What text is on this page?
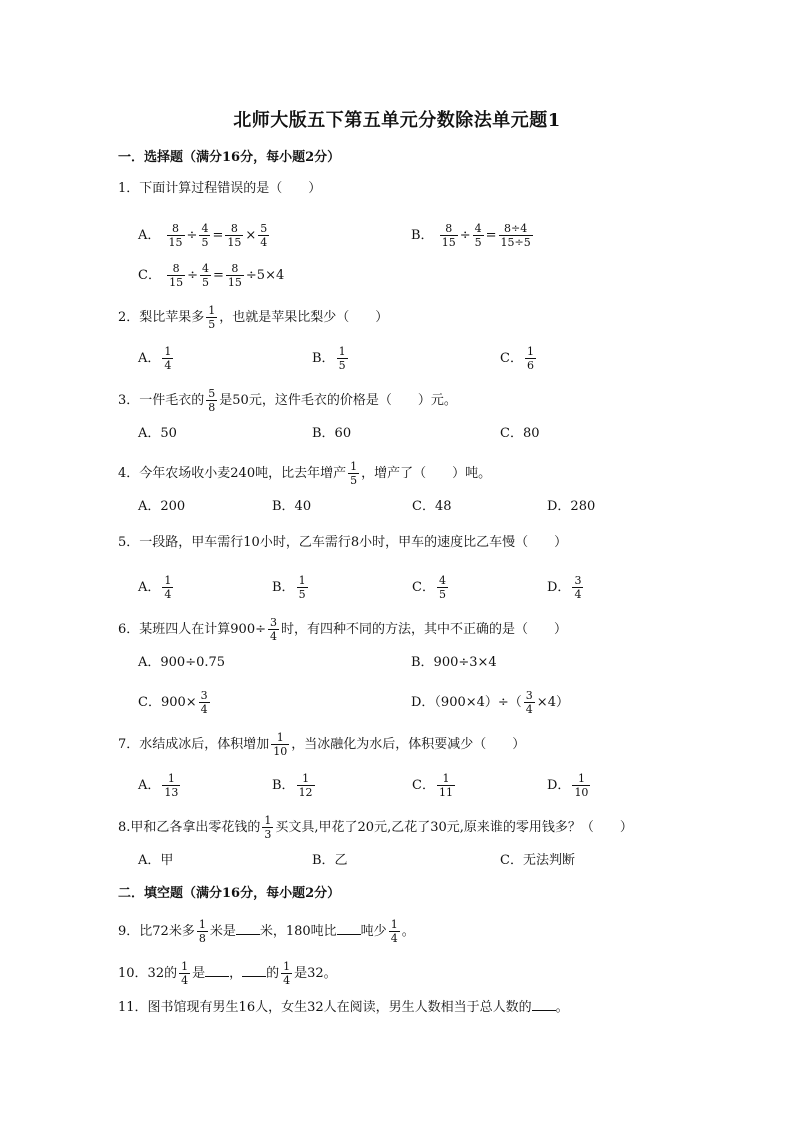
北师大版五下第五单元分数除法单元题1
一．选择题（满分16分，每小题2分）
1．下面计算过程错误的是（　　）
A． $\frac{8}{15} \div \frac{4}{5} = \frac{8}{15} \times \frac{5}{4}$	B． $\frac{8}{15} \div \frac{4}{5} = \frac{8\div 4}{15\div 5}$
C． $\frac{8}{15} \div \frac{4}{5} = \frac{8}{15} \div 5\times 4$
2．梨比苹果多 $\frac{1}{5}$ ，也就是苹果比梨少（　　）
A． $\frac{1}{4}$	B． $\frac{1}{5}$	C． $\frac{1}{6}$
3．一件毛衣的 $\frac{5}{8}$ 是50元，这件毛衣的价格是（　　）元。
A．50	B．60	C．80
4．今年农场收小麦240吨，比去年增产 $\frac{1}{5}$ ，增产了（　　）吨。
A．200	B．40	C．48	D．280
5．一段路，甲车需行10小时，乙车需行8小时，甲车的速度比乙车慢（　　）
A． $\frac{1}{4}$	B． $\frac{1}{5}$	C． $\frac{4}{5}$	D． $\frac{3}{4}$
6．某班四人在计算$900\div \frac{3}{4}$ 时，有四种不同的方法，其中不正确的是（　　）
A．900÷0.75	B．900÷3×4
C．$900\times \frac{3}{4}$	D．$(900\times 4)\div( \frac{3}{4} \times 4)$
7．水结成冰后，体积增加 $\frac{1}{10}$ ，当冰融化为水后，体积要减少（　　）
A． $\frac{1}{13}$	B． $\frac{1}{12}$	C． $\frac{1}{11}$	D． $\frac{1}{10}$
8.甲和乙各拿出零花钱的 $\frac{1}{3}$ 买文具,甲花了20元,乙花了30元,原来谁的零用钱多？（　　）
A．甲	B．乙	C．无法判断
二．填空题（满分16分，每小题2分）
9．比72米多 $\frac{1}{8}$ 米是 米，180吨比 吨少 $\frac{1}{4}$ 。
10．32的 $\frac{1}{4}$ 是 ， 的 $\frac{1}{4}$ 是32。
11．图书馆现有男生16人，女生32人在阅读，男生人数相当于总人数的 。
